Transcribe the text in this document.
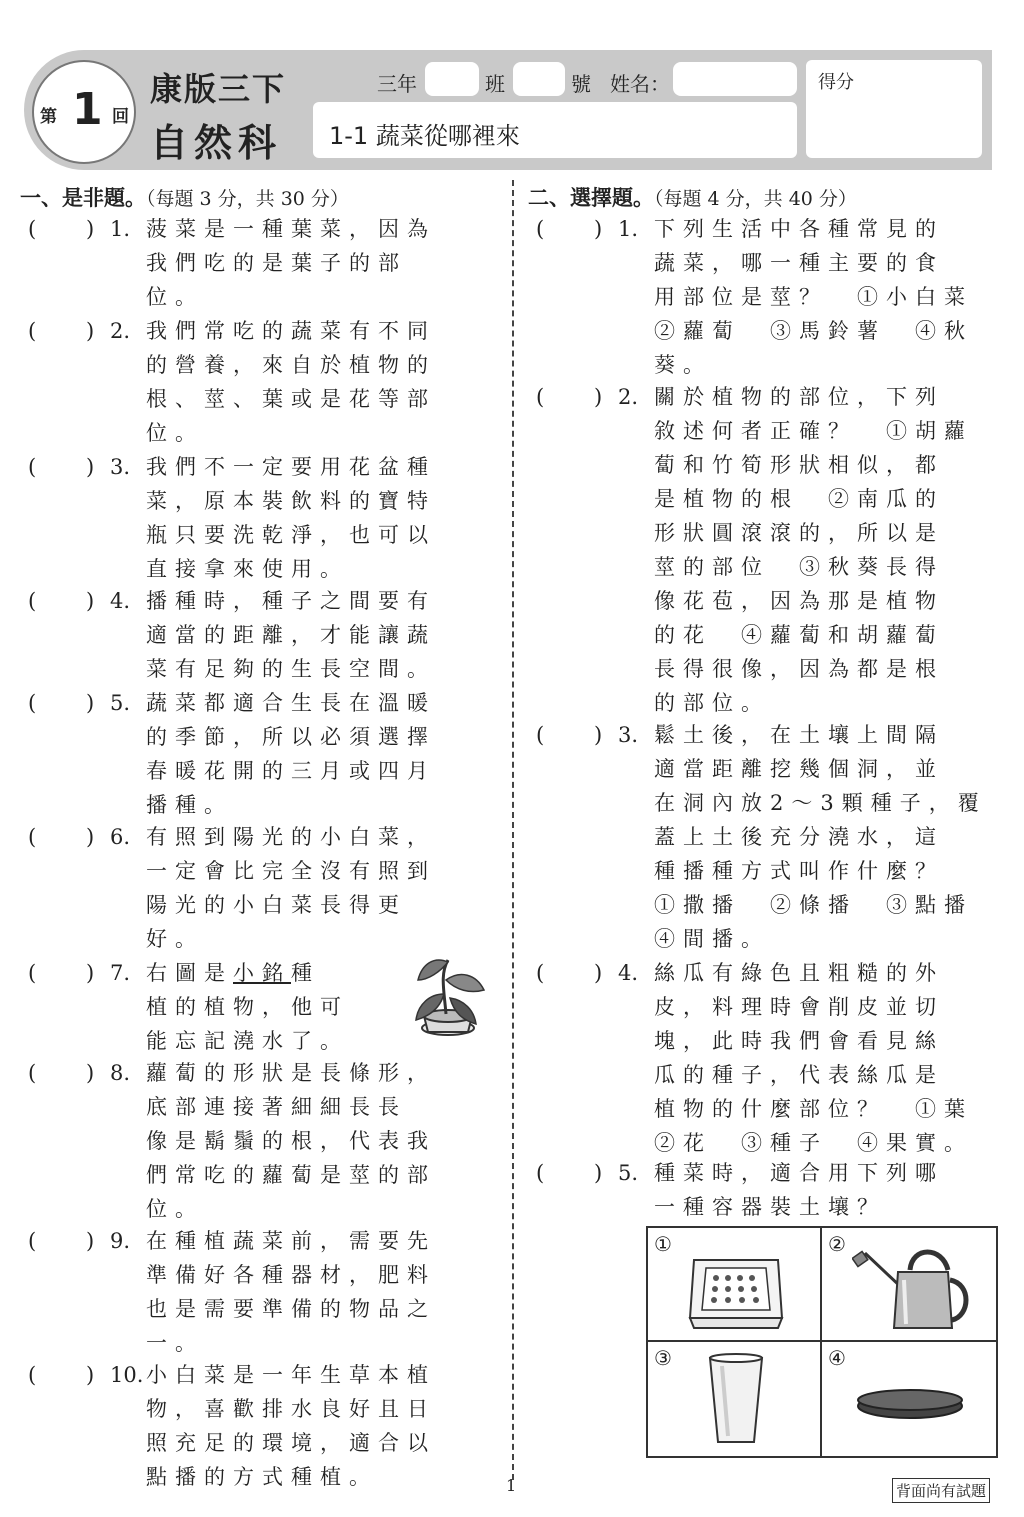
第 1 回
康版三下
自然科
三年	班	號 姓名：
1-1 蔬菜從哪裡來
得分
一、是非題。（每題 3 分，共 30 分）
1. 菠菜是一種葉菜，因為
我們吃的是葉子的部
位。
2. 我們常吃的蔬菜有不同
的營養，來自於植物的
根、莖、葉或是花等部
位。
3. 我們不一定要用花盆種
菜，原本裝飲料的寶特
瓶只要洗乾淨，也可以
直接拿來使用。
4. 播種時，種子之間要有
適當的距離，才能讓蔬
菜有足夠的生長空間。
5. 蔬菜都適合生長在溫暖
的季節，所以必須選擇
春暖花開的三月或四月
播種。
6. 有照到陽光的小白菜，
一定會比完全沒有照到
陽光的小白菜長得更
好。
7. 右圖是小銘種
植的植物，他可
能忘記澆水了。
8. 蘿蔔的形狀是長條形，
底部連接著細細長長
像是鬍鬚的根，代表我
們常吃的蘿蔔是莖的部
位。
9. 在種植蔬菜前，需要先
準備好各種器材，肥料
也是需要準備的物品之
一。
10. 小白菜是一年生草本植
物，喜歡排水良好且日
照充足的環境，適合以
點播的方式種植。
二、選擇題。（每題 4 分，共 40 分）
1. 下列生活中各種常見的
蔬菜，哪一種主要的食
用部位是莖？　①小白菜
②蘿蔔　③馬鈴薯　④秋
葵。
2. 關於植物的部位，下列
敘述何者正確？　①胡蘿
蔔和竹筍形狀相似，都
是植物的根　②南瓜的
形狀圓滾滾的，所以是
莖的部位　③秋葵長得
像花苞，因為那是植物
的花　④蘿蔔和胡蘿蔔
長得很像，因為都是根
的部位。
3. 鬆土後，在土壤上間隔
適當距離挖幾個洞，並
在洞內放2～3顆種子，覆
蓋上土後充分澆水，這
種播種方式叫作什麼？
①撒播　②條播　③點播
④間播。
4. 絲瓜有綠色且粗糙的外
皮，料理時會削皮並切
塊，此時我們會看見絲
瓜的種子，代表絲瓜是
植物的什麼部位？　①葉
②花　③種子　④果實。
5. 種菜時，適合用下列哪
一種容器裝土壤？
①	②
③	④
1	背面尚有試題
